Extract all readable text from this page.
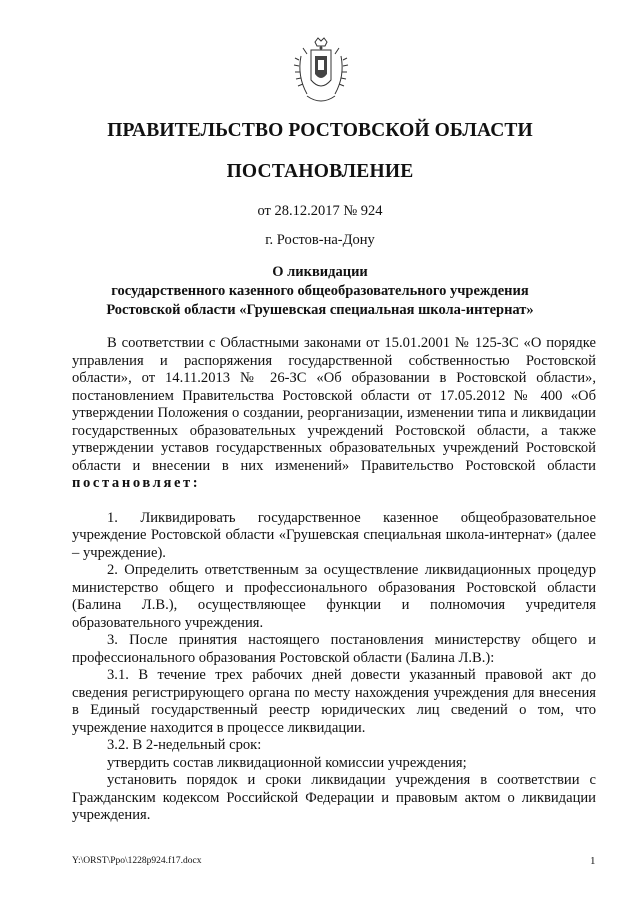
ПРАВИТЕЛЬСТВО РОСТОВСКОЙ ОБЛАСТИ
ПОСТАНОВЛЕНИЕ
от 28.12.2017 № 924
г. Ростов-на-Дону
О ликвидации
государственного казенного общеобразовательного учреждения
Ростовской области «Грушевская специальная школа-интернат»

В соответствии с Областными законами от 15.01.2001 № 125-ЗС «О порядке управления и распоряжения государственной собственностью Ростовской области», от 14.11.2013 № 26-ЗС «Об образовании в Ростовской области», постановлением Правительства Ростовской области от 17.05.2012 № 400 «Об утверждении Положения о создании, реорганизации, изменении типа и ликвидации государственных образовательных учреждений Ростовской области, а также утверждении уставов государственных образовательных учреждений Ростовской области и внесении в них изменений» Правительство Ростовской области постановляет:

1. Ликвидировать государственное казенное общеобразовательное учреждение Ростовской области «Грушевская специальная школа-интернат» (далее – учреждение).

2. Определить ответственным за осуществление ликвидационных процедур министерство общего и профессионального образования Ростовской области (Балина Л.В.), осуществляющее функции и полномочия учредителя образовательного учреждения.

3. После принятия настоящего постановления министерству общего и профессионального образования Ростовской области (Балина Л.В.):

3.1. В течение трех рабочих дней довести указанный правовой акт до сведения регистрирующего органа по месту нахождения учреждения для внесения в Единый государственный реестр юридических лиц сведений о том, что учреждение находится в процессе ликвидации.

3.2. В 2-недельный срок:

утвердить состав ликвидационной комиссии учреждения;

установить порядок и сроки ликвидации учреждения в соответствии с Гражданским кодексом Российской Федерации и правовым актом о ликвидации учреждения.

Y:\ORST\Ppo\1228p924.f17.docx	1
